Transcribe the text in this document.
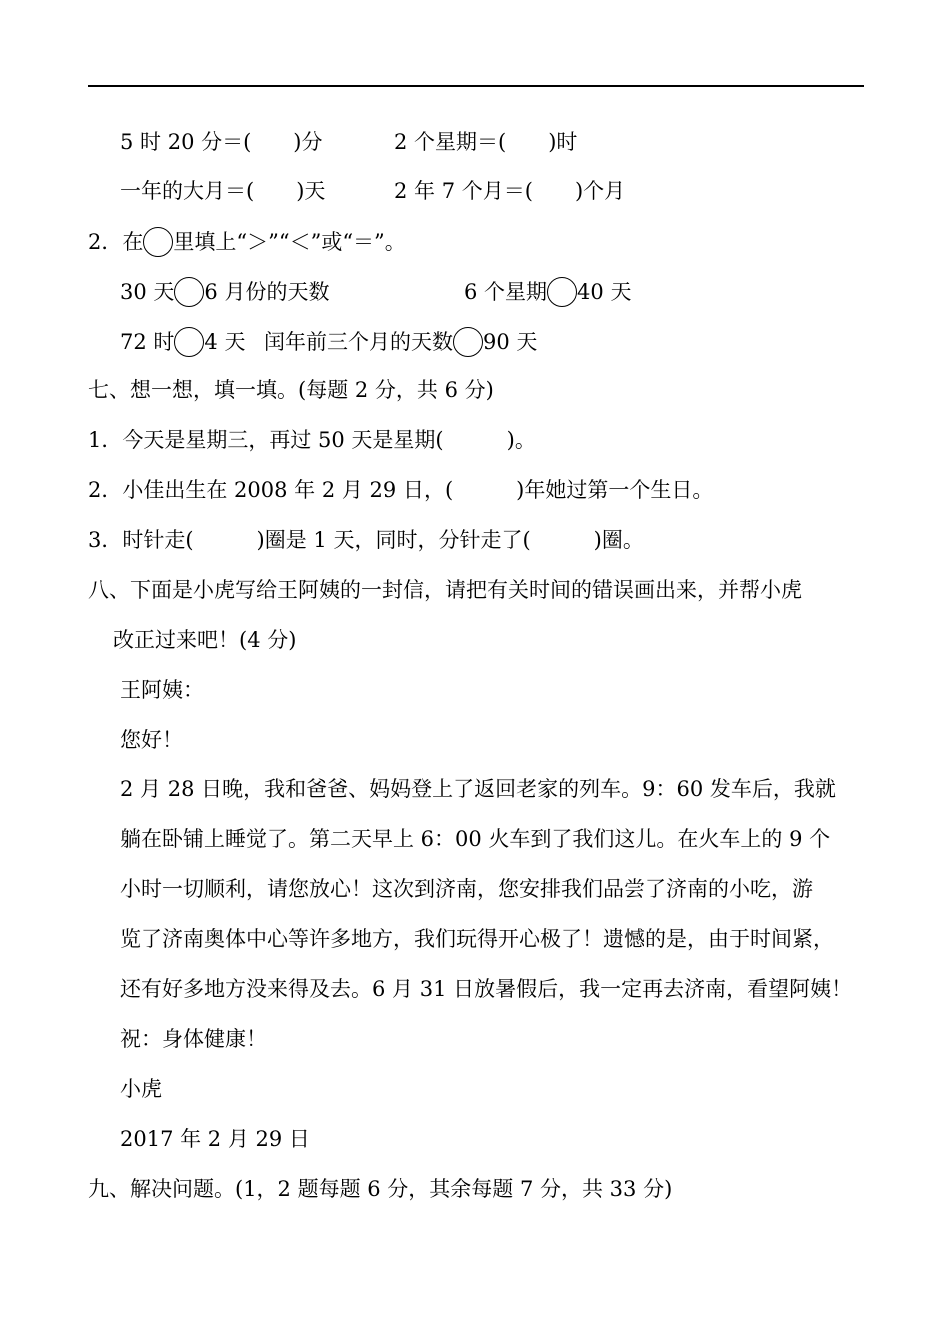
5 时 20 分＝(　　)分	2 个星期＝(　　)时
一年的大月＝(　　)天	2 年 7 个月＝(　　)个月
2．在 里填上“＞”“＜”或“＝”。
30 天 6 月份的天数	6 个星期 40 天
72 时 4 天 闰年前三个月的天数 90 天
七、想一想，填一填。(每题 2 分，共 6 分)
1．今天是星期三，再过 50 天是星期(　　　)。
2．小佳出生在 2008 年 2 月 29 日，(　　　)年她过第一个生日。
3．时针走(　　　)圈是 1 天，同时，分针走了(　　　)圈。
八、下面是小虎写给王阿姨的一封信，请把有关时间的错误画出来，并帮小虎
改正过来吧！(4 分)
王阿姨：
您好！
2 月 28 日晚，我和爸爸、妈妈登上了返回老家的列车。9：60 发车后，我就
躺在卧铺上睡觉了。第二天早上 6：00 火车到了我们这儿。在火车上的 9 个
小时一切顺利，请您放心！这次到济南，您安排我们品尝了济南的小吃，游
览了济南奥体中心等许多地方，我们玩得开心极了！遗憾的是，由于时间紧，
还有好多地方没来得及去。6 月 31 日放暑假后，我一定再去济南，看望阿姨！
祝：身体健康！
小虎
2017 年 2 月 29 日
九、解决问题。(1，2 题每题 6 分，其余每题 7 分，共 33 分)
